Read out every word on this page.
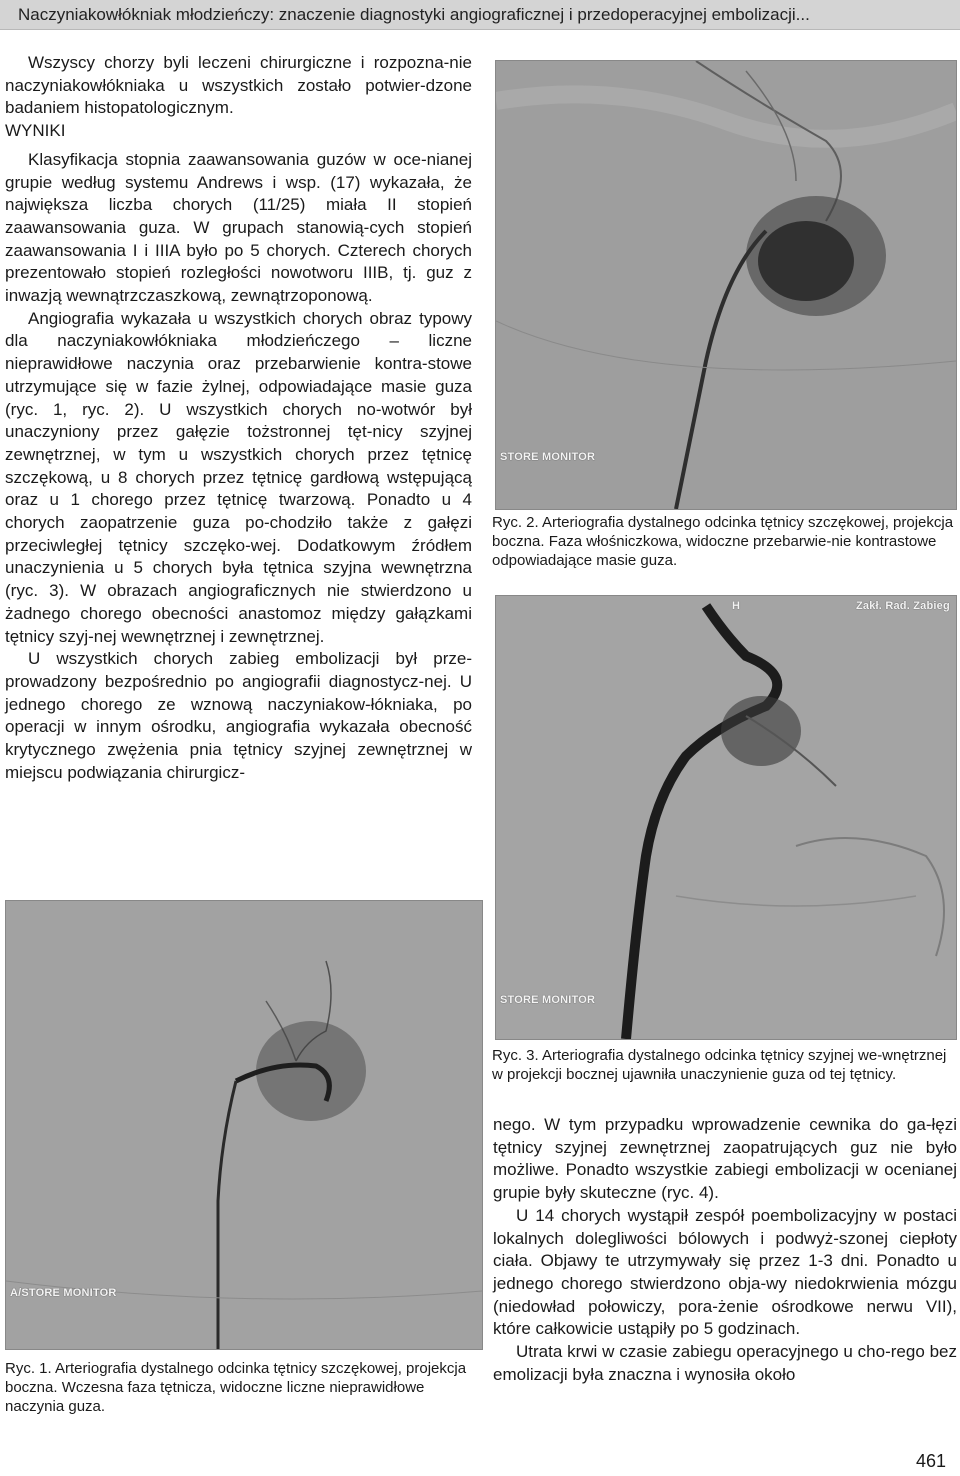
Naczyniakowłókniak młodzieńczy: znaczenie diagnostyki angiograficznej i przedoperacyjnej embolizacji...

Wszyscy chorzy byli leczeni chirurgiczne i rozpozna-nie naczyniakowłókniaka u wszystkich zostało potwier-dzone badaniem histopatologicznym.

WYNIKI

Klasyfikacja stopnia zaawansowania guzów w oce-nianej grupie według systemu Andrews i wsp. (17) wykazała, że największa liczba chorych (11/25) miała II stopień zaawansowania guza. W grupach stanowią-cych stopień zaawansowania I i IIIA było po 5 chorych. Czterech chorych prezentowało stopień rozległości nowotworu IIIB, tj. guz z inwazją wewnątrzczaszkową, zewnątrzoponową.

Angiografia wykazała u wszystkich chorych obraz typowy dla naczyniakowłókniaka młodzieńczego – liczne nieprawidłowe naczynia oraz przebarwienie kontra-stowe utrzymujące się w fazie żylnej, odpowiadające masie guza (ryc. 1, ryc. 2). U wszystkich chorych no-wotwór był unaczyniony przez gałęzie tożstronnej tęt-nicy szyjnej zewnętrznej, w tym u wszystkich chorych przez tętnicę szczękową, u 8 chorych przez tętnicę gardłową wstępującą oraz u 1 chorego przez tętnicę twarzową. Ponadto u 4 chorych zaopatrzenie guza po-chodziło także z gałęzi przeciwległej tętnicy szczęko-wej. Dodatkowym źródłem unaczynienia u 5 chorych była tętnica szyjna wewnętrzna (ryc. 3). W obrazach angiograficznych nie stwierdzono u żadnego chorego obecności anastomoz między gałązkami tętnicy szyj-nej wewnętrznej i zewnętrznej.

U wszystkich chorych zabieg embolizacji był prze-prowadzony bezpośrednio po angiografii diagnostycz-nej. U jednego chorego ze wznową naczyniakow-łókniaka, po operacji w innym ośrodku, angiografia wykazała obecność krytycznego zwężenia pnia tętnicy szyjnej zewnętrznej w miejscu podwiązania chirurgicz-

STORE MONITOR
Ryc. 2. Arteriografia dystalnego odcinka tętnicy szczękowej, projekcja boczna. Faza włośniczkowa, widoczne przebarwie-nie kontrastowe odpowiadające masie guza.
H	Zakł. Rad. Zabieg
STORE MONITOR
Ryc. 3. Arteriografia dystalnego odcinka tętnicy szyjnej we-wnętrznej w projekcji bocznej ujawniła unaczynienie guza od tej tętnicy.
A/STORE MONITOR
Ryc. 1. Arteriografia dystalnego odcinka tętnicy szczękowej, projekcja boczna. Wczesna faza tętnicza, widoczne liczne nieprawidłowe naczynia guza.

nego. W tym przypadku wprowadzenie cewnika do ga-łęzi tętnicy szyjnej zewnętrznej zaopatrujących guz nie było możliwe. Ponadto wszystkie zabiegi embolizacji w ocenianej grupie były skuteczne (ryc. 4).

U 14 chorych wystąpił zespół poembolizacyjny w postaci lokalnych dolegliwości bólowych i podwyż-szonej ciepłoty ciała. Objawy te utrzymywały się przez 1-3 dni. Ponadto u jednego chorego stwierdzono obja-wy niedokrwienia mózgu (niedowład połowiczy, pora-żenie ośrodkowe nerwu VII), które całkowicie ustąpiły po 5 godzinach.

Utrata krwi w czasie zabiegu operacyjnego u cho-rego bez emolizacji była znaczna i wynosiła około

461
